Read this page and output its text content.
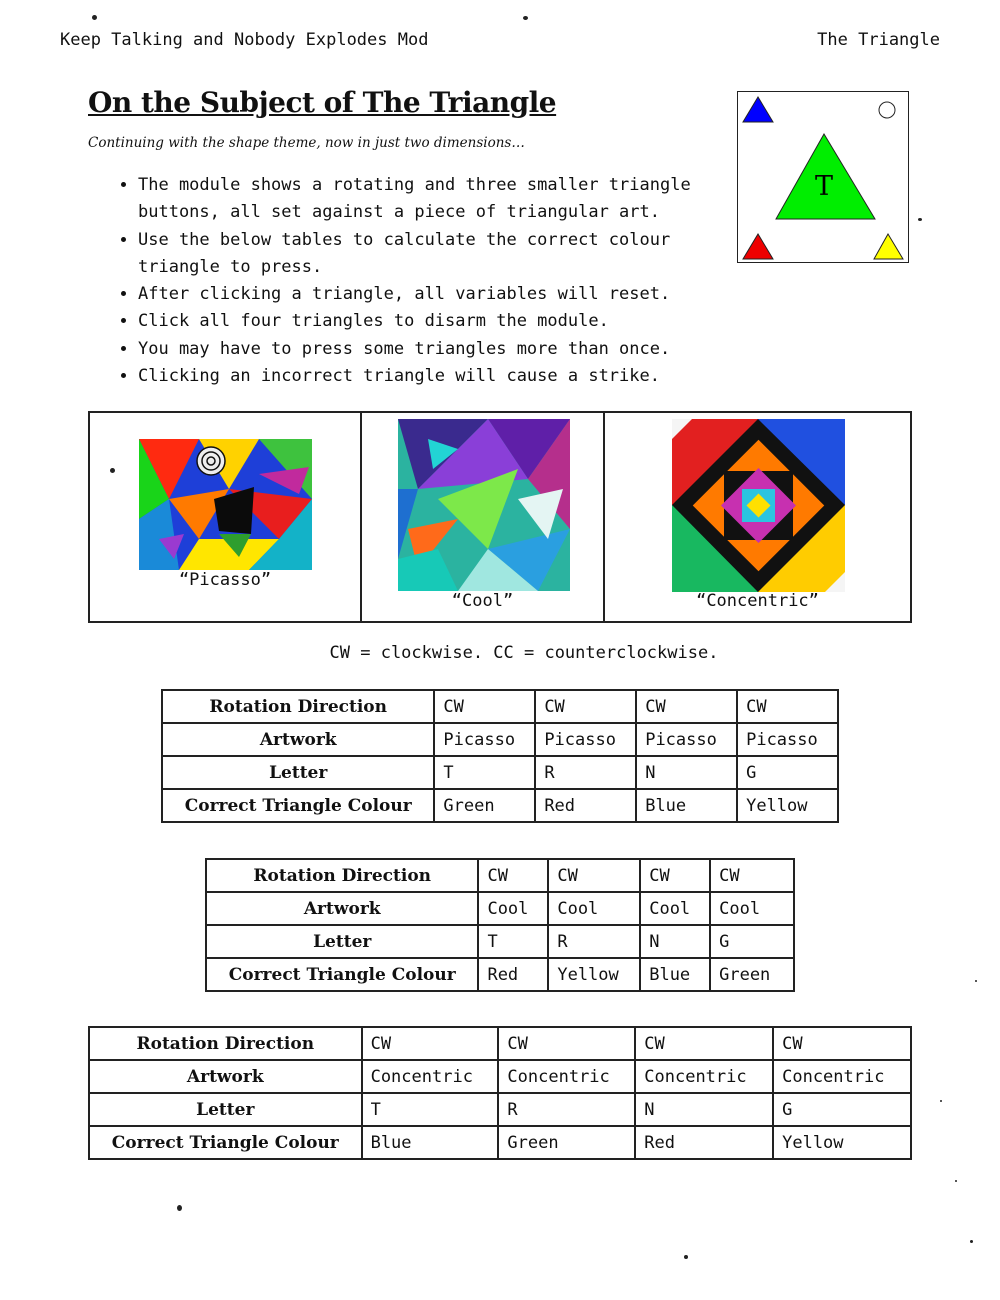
Keep Talking and Nobody Explodes Mod	The Triangle
On the Subject of The Triangle
Continuing with the shape theme, now in just two dimensions…
• The module shows a rotating and three smaller triangle buttons, all set against a piece of triangular art.
• Use the below tables to calculate the correct colour triangle to press.
• After clicking a triangle, all variables will reset.
• Click all four triangles to disarm the module.
• You may have to press some triangles more than once.
• Clicking an incorrect triangle will cause a strike.
T
“Picasso”
“Cool”	“Concentric”
CW = clockwise. CC = counterclockwise.
Rotation Direction	CW	CW	CW	CW
Artwork	Picasso	Picasso	Picasso	Picasso
Letter	T	R	N	G
Correct Triangle Colour	Green	Red	Blue	Yellow
Rotation Direction	CW	CW	CW	CW
Artwork	Cool	Cool	Cool	Cool
Letter	T	R	N	G
Correct Triangle Colour	Red	Yellow	Blue	Green
Rotation Direction	CW	CW	CW	CW
Artwork	Concentric	Concentric	Concentric	Concentric
Letter	T	R	N	G
Correct Triangle Colour	Blue	Green	Red	Yellow
